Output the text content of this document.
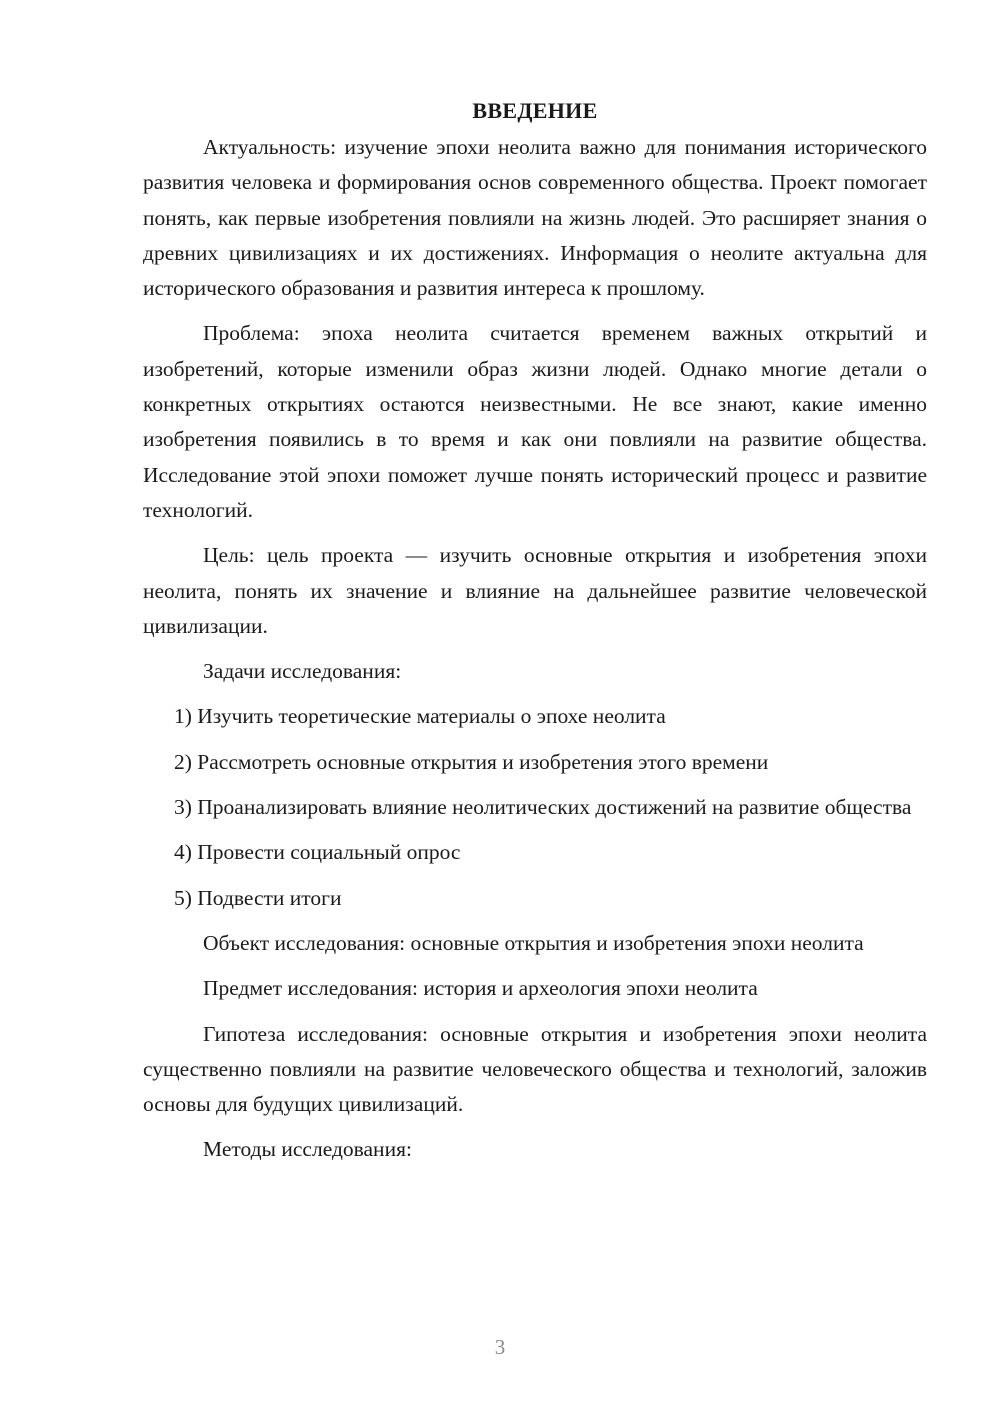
ВВЕДЕНИЕ

Актуальность: изучение эпохи неолита важно для понимания исторического развития человека и формирования основ современного общества. Проект помогает понять, как первые изобретения повлияли на жизнь людей. Это расширяет знания о древних цивилизациях и их достижениях. Информация о неолите актуальна для исторического образования и развития интереса к прошлому.

Проблема: эпоха неолита считается временем важных открытий и изобретений, которые изменили образ жизни людей. Однако многие детали о конкретных открытиях остаются неизвестными. Не все знают, какие именно изобретения появились в то время и как они повлияли на развитие общества. Исследование этой эпохи поможет лучше понять исторический процесс и развитие технологий.

Цель: цель проекта — изучить основные открытия и изобретения эпохи неолита, понять их значение и влияние на дальнейшее развитие человеческой цивилизации.

Задачи исследования:

1) Изучить теоретические материалы о эпохе неолита

2) Рассмотреть основные открытия и изобретения этого времени

3) Проанализировать влияние неолитических достижений на развитие общества

4) Провести социальный опрос

5) Подвести итоги

Объект исследования: основные открытия и изобретения эпохи неолита

Предмет исследования: история и археология эпохи неолита

Гипотеза исследования: основные открытия и изобретения эпохи неолита существенно повлияли на развитие человеческого общества и технологий, заложив основы для будущих цивилизаций.

Методы исследования:

3
